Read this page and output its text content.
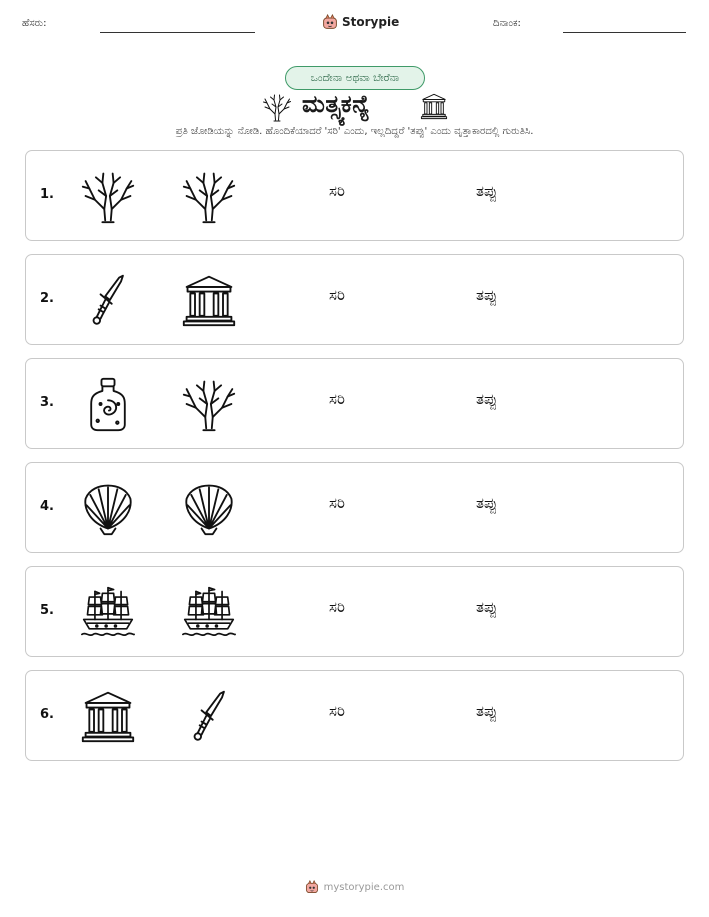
ಹೆಸರು:	Storypie	ದಿನಾಂಕ:
ಒಂದೇನಾ ಅಥವಾ ಬೇರೆನಾ
ಮತ್ಸ್ಯಕನ್ಯೆ
ಪ್ರತಿ ಜೋಡಿಯನ್ನು ನೋಡಿ. ಹೊಂದಿಕೆಯಾದರೆ 'ಸರಿ' ಎಂದು, ಇಲ್ಲದಿದ್ದರೆ 'ತಪ್ಪು' ಎಂದು ವೃತ್ತಾಕಾರದಲ್ಲಿ ಗುರುತಿಸಿ.
1.	ಸರಿ	ತಪ್ಪು
2.	ಸರಿ	ತಪ್ಪು
3.	ಸರಿ	ತಪ್ಪು
4.	ಸರಿ	ತಪ್ಪು
5.	ಸರಿ	ತಪ್ಪು
6.	ಸರಿ	ತಪ್ಪು
mystorypie.com
